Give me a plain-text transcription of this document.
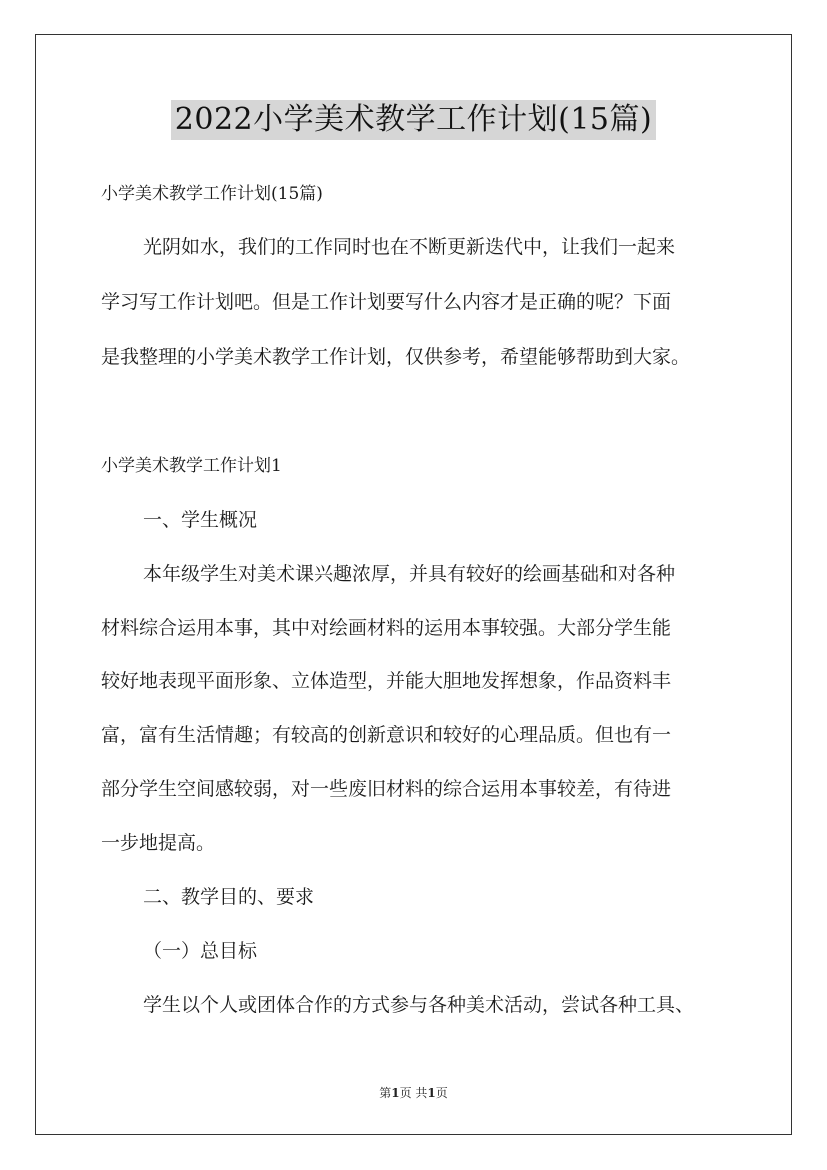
2022小学美术教学工作计划(15篇)
小学美术教学工作计划(15篇)
光阴如水，我们的工作同时也在不断更新迭代中，让我们一起来
学习写工作计划吧。但是工作计划要写什么内容才是正确的呢？下面
是我整理的小学美术教学工作计划，仅供参考，希望能够帮助到大家。
小学美术教学工作计划1
一、学生概况
本年级学生对美术课兴趣浓厚，并具有较好的绘画基础和对各种
材料综合运用本事，其中对绘画材料的运用本事较强。大部分学生能
较好地表现平面形象、立体造型，并能大胆地发挥想象，作品资料丰
富，富有生活情趣；有较高的创新意识和较好的心理品质。但也有一
部分学生空间感较弱，对一些废旧材料的综合运用本事较差，有待进
一步地提高。
二、教学目的、要求
（一）总目标
学生以个人或团体合作的方式参与各种美术活动，尝试各种工具、
第1页 共1页
